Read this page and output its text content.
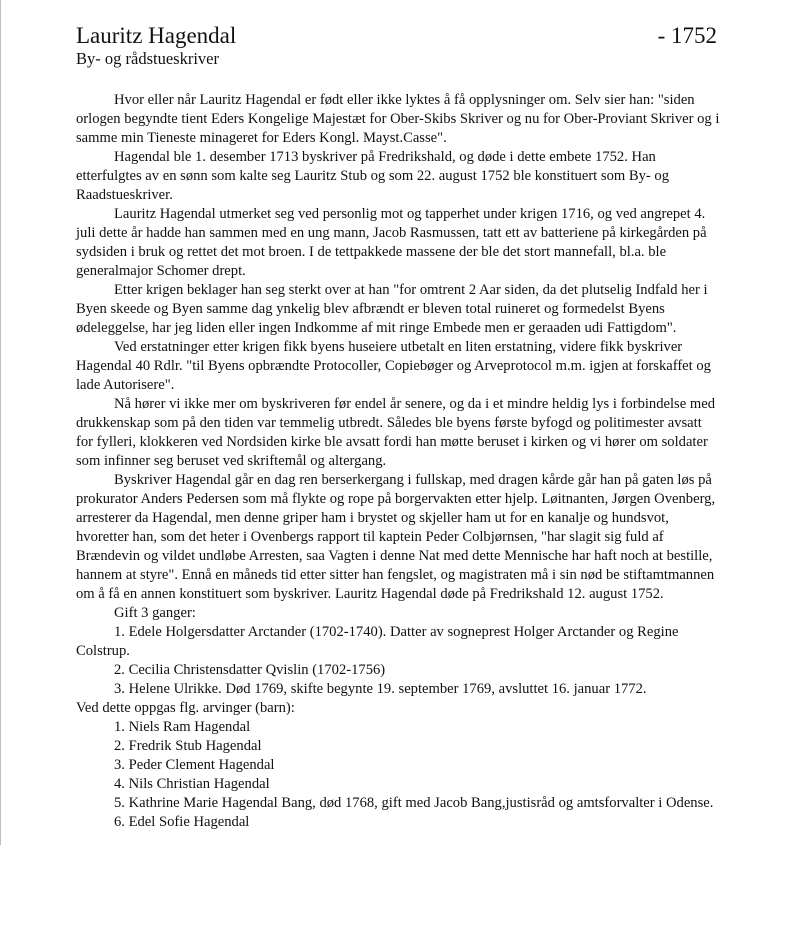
Lauritz Hagendal	- 1752
By- og rådstueskriver

Hvor eller når Lauritz Hagendal er født eller ikke lyktes å få opplysninger om. Selv sier han: "siden orlogen begyndte tient Eders Kongelige Majestæt for Ober-Skibs Skriver og nu for Ober-Proviant Skriver og i samme min Tieneste minageret for Eders Kongl. Mayst.Casse".

Hagendal ble 1. desember 1713 byskriver på Fredrikshald, og døde i dette embete 1752. Han etterfulgtes av en sønn som kalte seg Lauritz Stub og som 22. august 1752 ble konstituert som By- og Raadstueskriver.

Lauritz Hagendal utmerket seg ved personlig mot og tapperhet under krigen 1716, og ved angrepet 4. juli dette år hadde han sammen med en ung mann, Jacob Rasmussen, tatt ett av batteriene på kirkegården på sydsiden i bruk og rettet det mot broen. I de tettpakkede massene der ble det stort mannefall, bl.a. ble generalmajor Schomer drept.

Etter krigen beklager han seg sterkt over at han "for omtrent 2 Aar siden, da det plutselig Indfald her i Byen skeede og Byen samme dag ynkelig blev afbrændt er bleven total ruineret og formedelst Byens ødeleggelse, har jeg liden eller ingen Indkomme af mit ringe Embede men er geraaden udi Fattigdom".

Ved erstatninger etter krigen fikk byens huseiere utbetalt en liten erstatning, videre fikk byskriver Hagendal 40 Rdlr. "til Byens opbrændte Protocoller, Copiebøger og Arveprotocol m.m. igjen at forskaffet og lade Autorisere".

Nå hører vi ikke mer om byskriveren før endel år senere, og da i et mindre heldig lys i forbindelse med drukkenskap som på den tiden var temmelig utbredt. Således ble byens første byfogd og politimester avsatt for fylleri, klokkeren ved Nordsiden kirke ble avsatt fordi han møtte beruset i kirken og vi hører om soldater som infinner seg beruset ved skriftemål og altergang.

Byskriver Hagendal går en dag ren berserkergang i fullskap, med dragen kårde går han på gaten løs på prokurator Anders Pedersen som må flykte og rope på borgervakten etter hjelp. Løitnanten, Jørgen Ovenberg, arresterer da Hagendal, men denne griper ham i brystet og skjeller ham ut for en kanalje og hundsvot, hvoretter han, som det heter i Ovenbergs rapport til kaptein Peder Colbjørnsen, "har slagit sig fuld af Brændevin og vildet undløbe Arresten, saa Vagten i denne Nat med dette Mennische har haft noch at bestille, hannem at styre". Ennå en måneds tid etter sitter han fengslet, og magistraten må i sin nød be stiftamtmannen om å få en annen konstituert som byskriver. Lauritz Hagendal døde på Fredrikshald 12. august 1752.

Gift 3 ganger:

1. Edele Holgersdatter Arctander (1702-1740). Datter av sogneprest Holger Arctander og Regine Colstrup.

2. Cecilia Christensdatter Qvislin (1702-1756)

3. Helene Ulrikke. Død 1769, skifte begynte 19. september 1769, avsluttet 16. januar 1772.

Ved dette oppgas flg. arvinger (barn):

1. Niels Ram Hagendal
2. Fredrik Stub Hagendal
3. Peder Clement Hagendal
4. Nils Christian Hagendal
5. Kathrine Marie Hagendal Bang, død 1768, gift med Jacob Bang,justisråd og amtsforvalter i Odense.
6. Edel Sofie Hagendal
